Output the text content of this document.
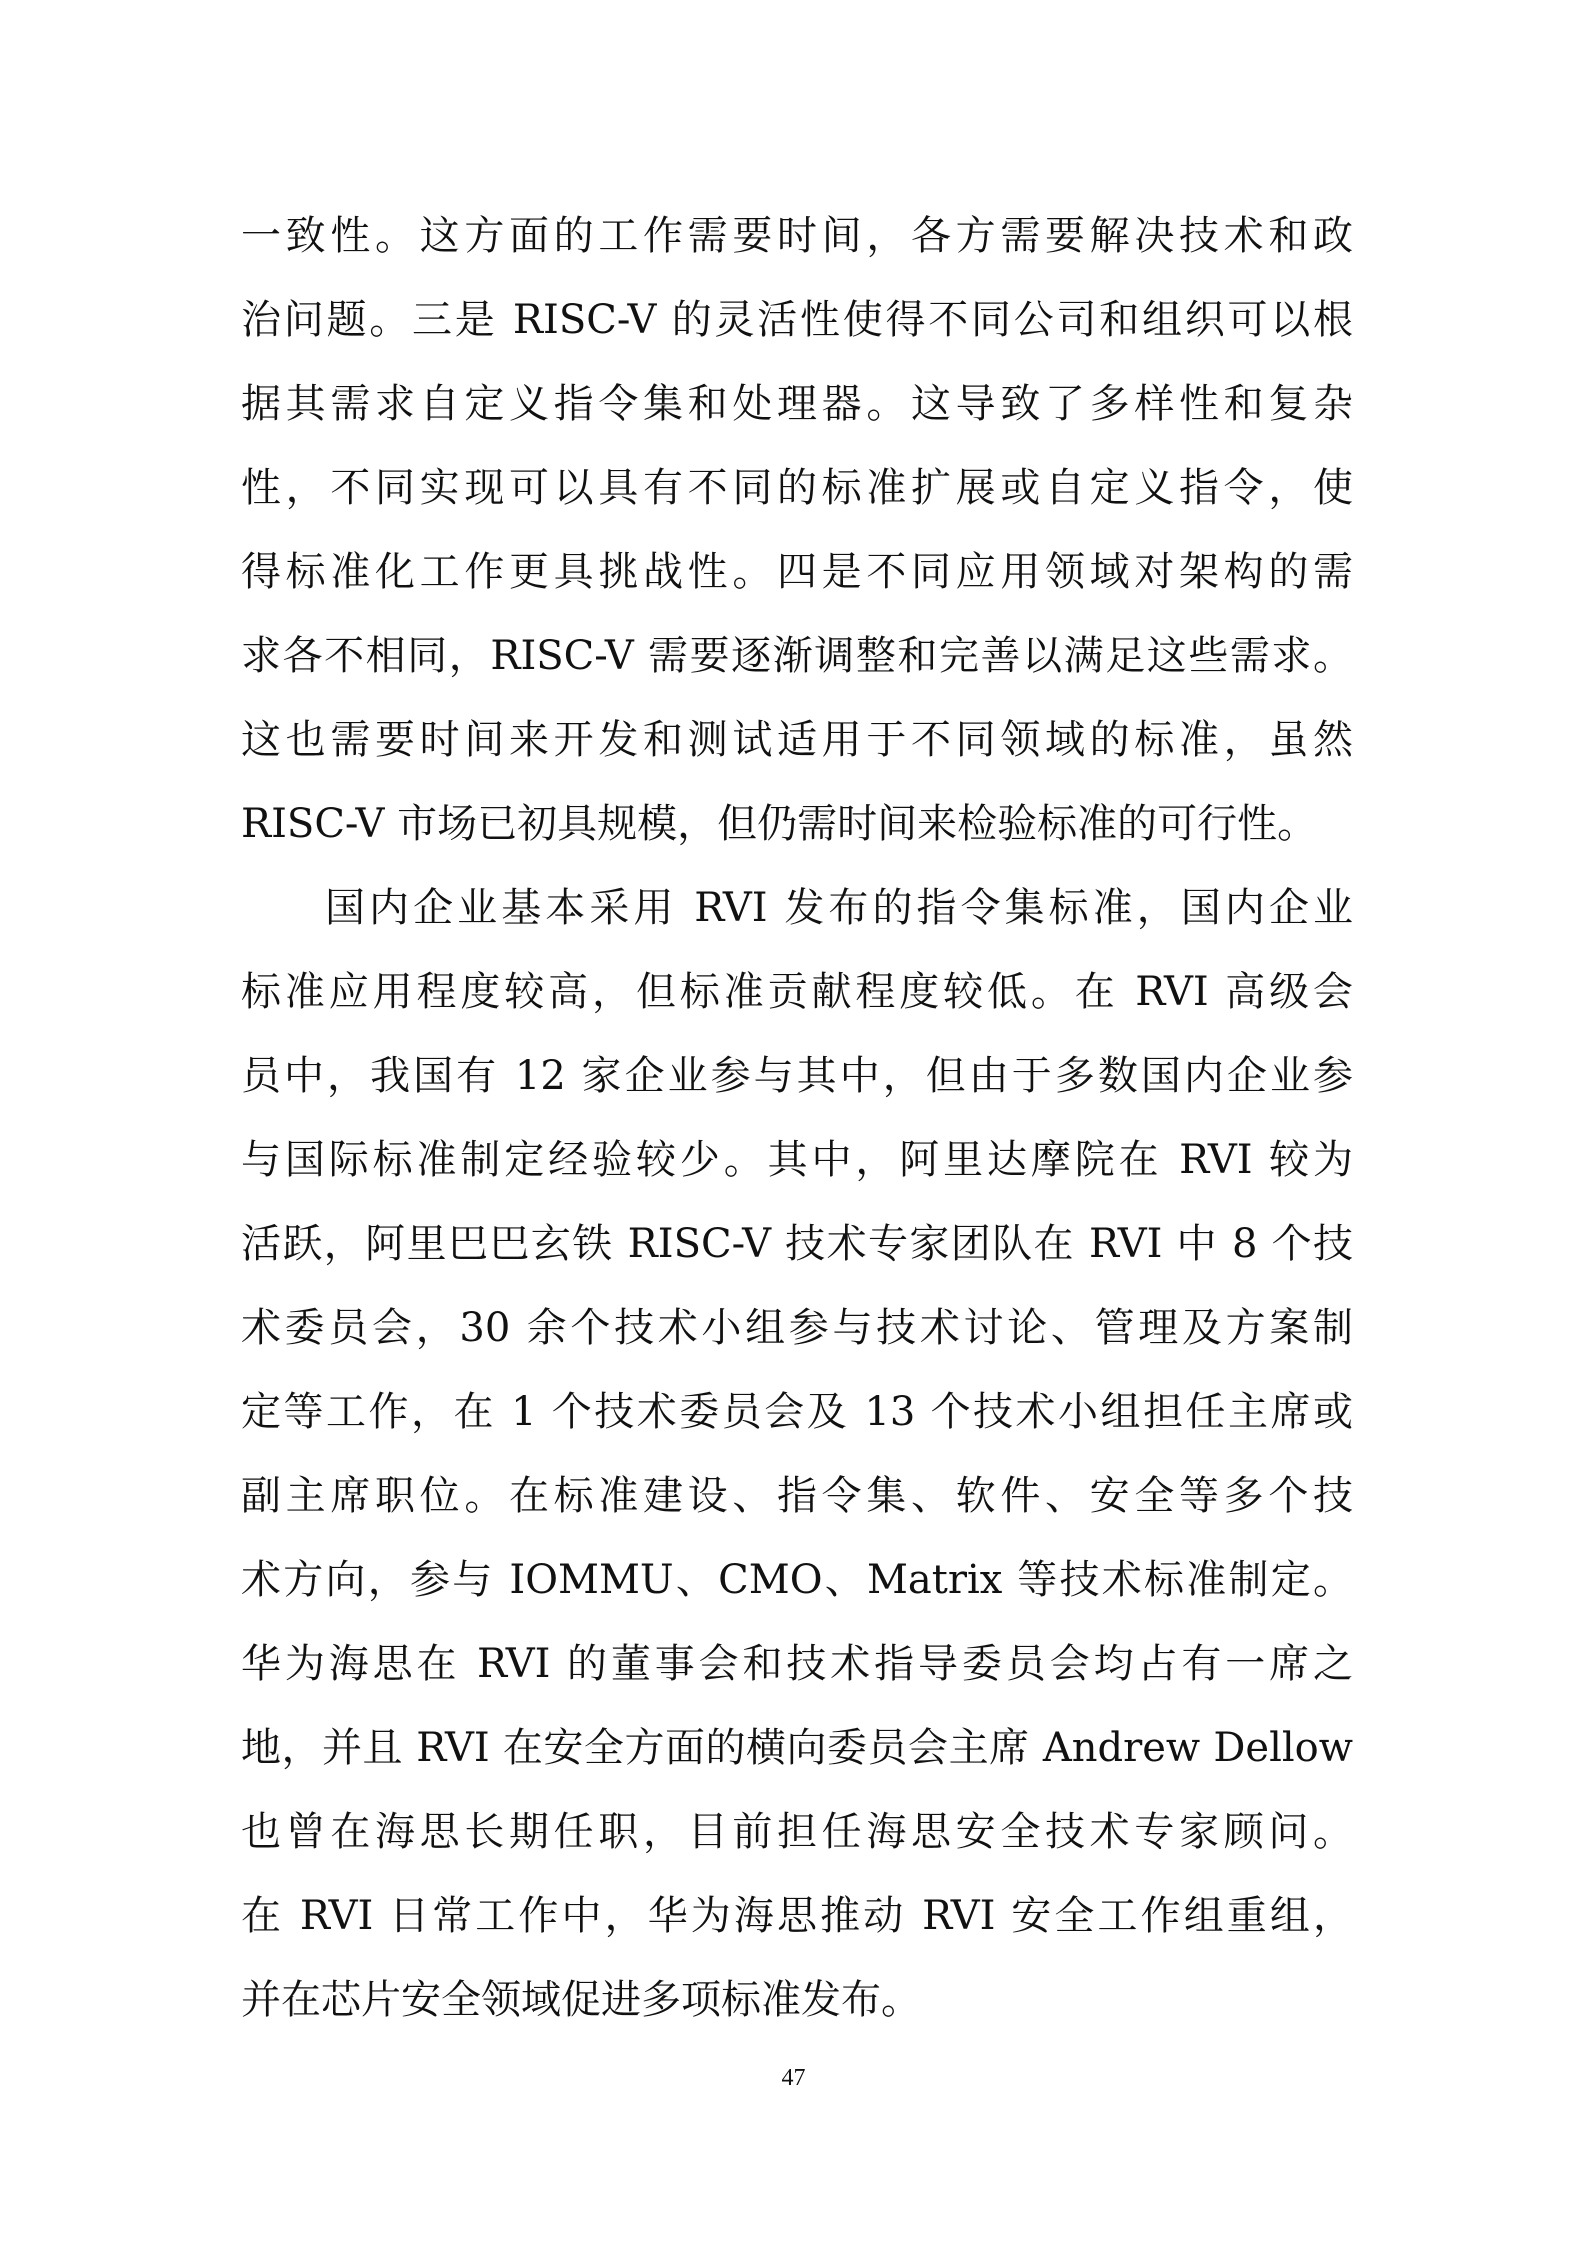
一致性。这方面的工作需要时间，各方需要解决技术和政
治问题。三是 RISC-V 的灵活性使得不同公司和组织可以根
据其需求自定义指令集和处理器。这导致了多样性和复杂
性，不同实现可以具有不同的标准扩展或自定义指令，使
得标准化工作更具挑战性。四是不同应用领域对架构的需
求各不相同，RISC-V 需要逐渐调整和完善以满足这些需求。
这也需要时间来开发和测试适用于不同领域的标准，虽然
RISC-V 市场已初具规模，但仍需时间来检验标准的可行性。
国内企业基本采用 RVI 发布的指令集标准，国内企业
标准应用程度较高，但标准贡献程度较低。在 RVI 高级会
员中，我国有 12 家企业参与其中，但由于多数国内企业参
与国际标准制定经验较少。其中，阿里达摩院在 RVI 较为
活跃，阿里巴巴玄铁 RISC-V 技术专家团队在 RVI 中 8 个技
术委员会，30 余个技术小组参与技术讨论、管理及方案制
定等工作，在 1 个技术委员会及 13 个技术小组担任主席或
副主席职位。在标准建设、指令集、软件、安全等多个技
术方向，参与 IOMMU、CMO、Matrix 等技术标准制定。
华为海思在 RVI 的董事会和技术指导委员会均占有一席之
地，并且 RVI 在安全方面的横向委员会主席 Andrew Dellow
也曾在海思长期任职，目前担任海思安全技术专家顾问。
在 RVI 日常工作中，华为海思推动 RVI 安全工作组重组，
并在芯片安全领域促进多项标准发布。
47
